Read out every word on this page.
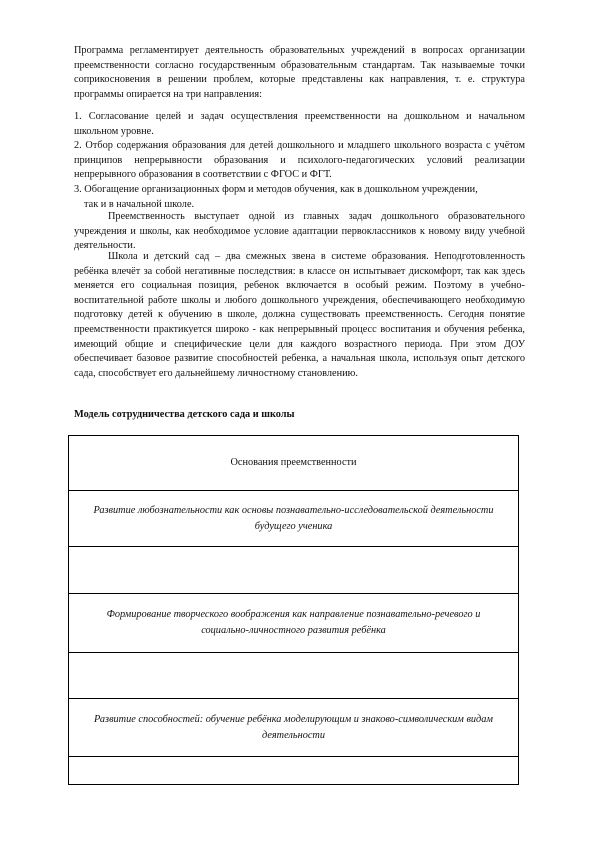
Программа регламентирует деятельность образовательных учреждений в вопросах организации преемственности согласно государственным образовательным стандартам. Так называемые точки соприкосновения в решении проблем, которые представлены как направления, т. е. структура программы опирается на три направления:

1. Согласование целей и задач осуществления преемственности на дошкольном и начальном школьном уровне.

2. Отбор содержания образования для детей дошкольного и младшего школьного возраста с учётом принципов непрерывности образования и психолого-педагогических условий реализации непрерывного образования в соответствии с ФГОС и ФГТ.

3. Обогащение организационных форм и методов обучения, как в дошкольном учреждении,

так и в начальной школе.

Преемственность выступает одной из главных задач дошкольного образовательного учреждения и школы, как необходимое условие адаптации первоклассников к новому виду учебной деятельности.

Школа и детский сад – два смежных звена в системе образования. Неподготовленность ребёнка влечёт за собой негативные последствия: в классе он испытывает дискомфорт, так как здесь меняется его социальная позиция, ребенок включается в особый режим. Поэтому в учебно-воспитательной работе школы и любого дошкольного учреждения, обеспечивающего необходимую подготовку детей к обучению в школе, должна существовать преемственность. Сегодня понятие преемственности практикуется широко - как непрерывный процесс воспитания и обучения ребенка, имеющий общие и специфические цели для каждого возрастного периода. При этом ДОУ обеспечивает базовое развитие способностей ребенка, а начальная школа, используя опыт детского сада, способствует его дальнейшему личностному становлению.

Модель сотрудничества детского сада и школы

Основания преемственности
Развитие любознательности как основы познавательно-исследовательской деятельности будущего ученика
Формирование творческого воображения как направление познавательно-речевого и социально-личностного развития ребёнка
Развитие способностей: обучение ребёнка моделирующим и знаково-символическим видам деятельности
